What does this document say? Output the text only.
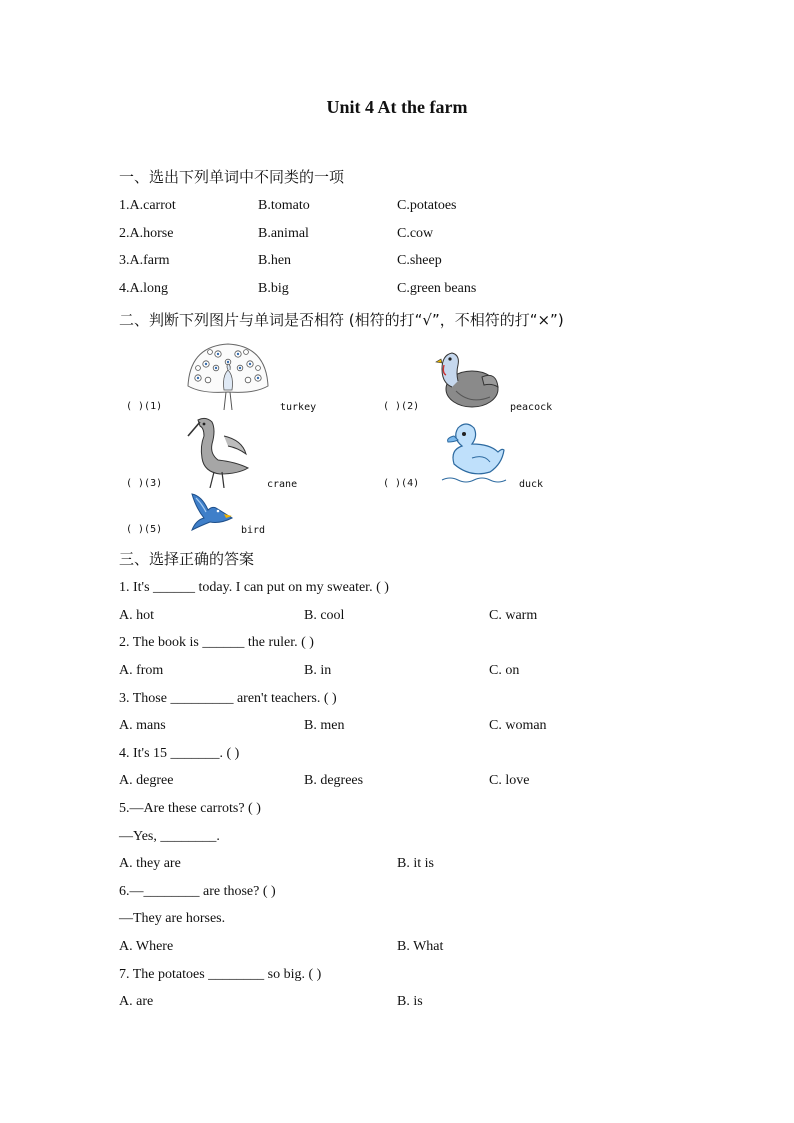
Unit 4 At the farm
一、选出下列单词中不同类的一项
1.A.carrot	B.tomato	C.potatoes
2.A.horse	B.animal	C.cow
3.A.farm	B.hen	C.sheep
4.A.long	B.big	C.green beans
二、判断下列图片与单词是否相符 (相符的打“√”，不相符的打“×”)
( )(1)	turkey	( )(2)	peacock
( )(3)	crane	( )(4)	duck
( )(5)	bird
三、选择正确的答案
1. It's ______ today. I can put on my sweater. ( )
A. hot	B. cool	C. warm
2. The book is ______ the ruler. ( )
A. from	B. in	C. on
3. Those _________ aren't teachers. ( )
A. mans	B. men	C. woman
4. It's 15 _______. ( )
A. degree	B. degrees	C. love
5.—Are these carrots? ( )
—Yes, ________.
A. they are	B. it is
6.—________ are those? ( )
—They are horses.
A. Where	B. What
7. The potatoes ________ so big. ( )
A. are	B. is
